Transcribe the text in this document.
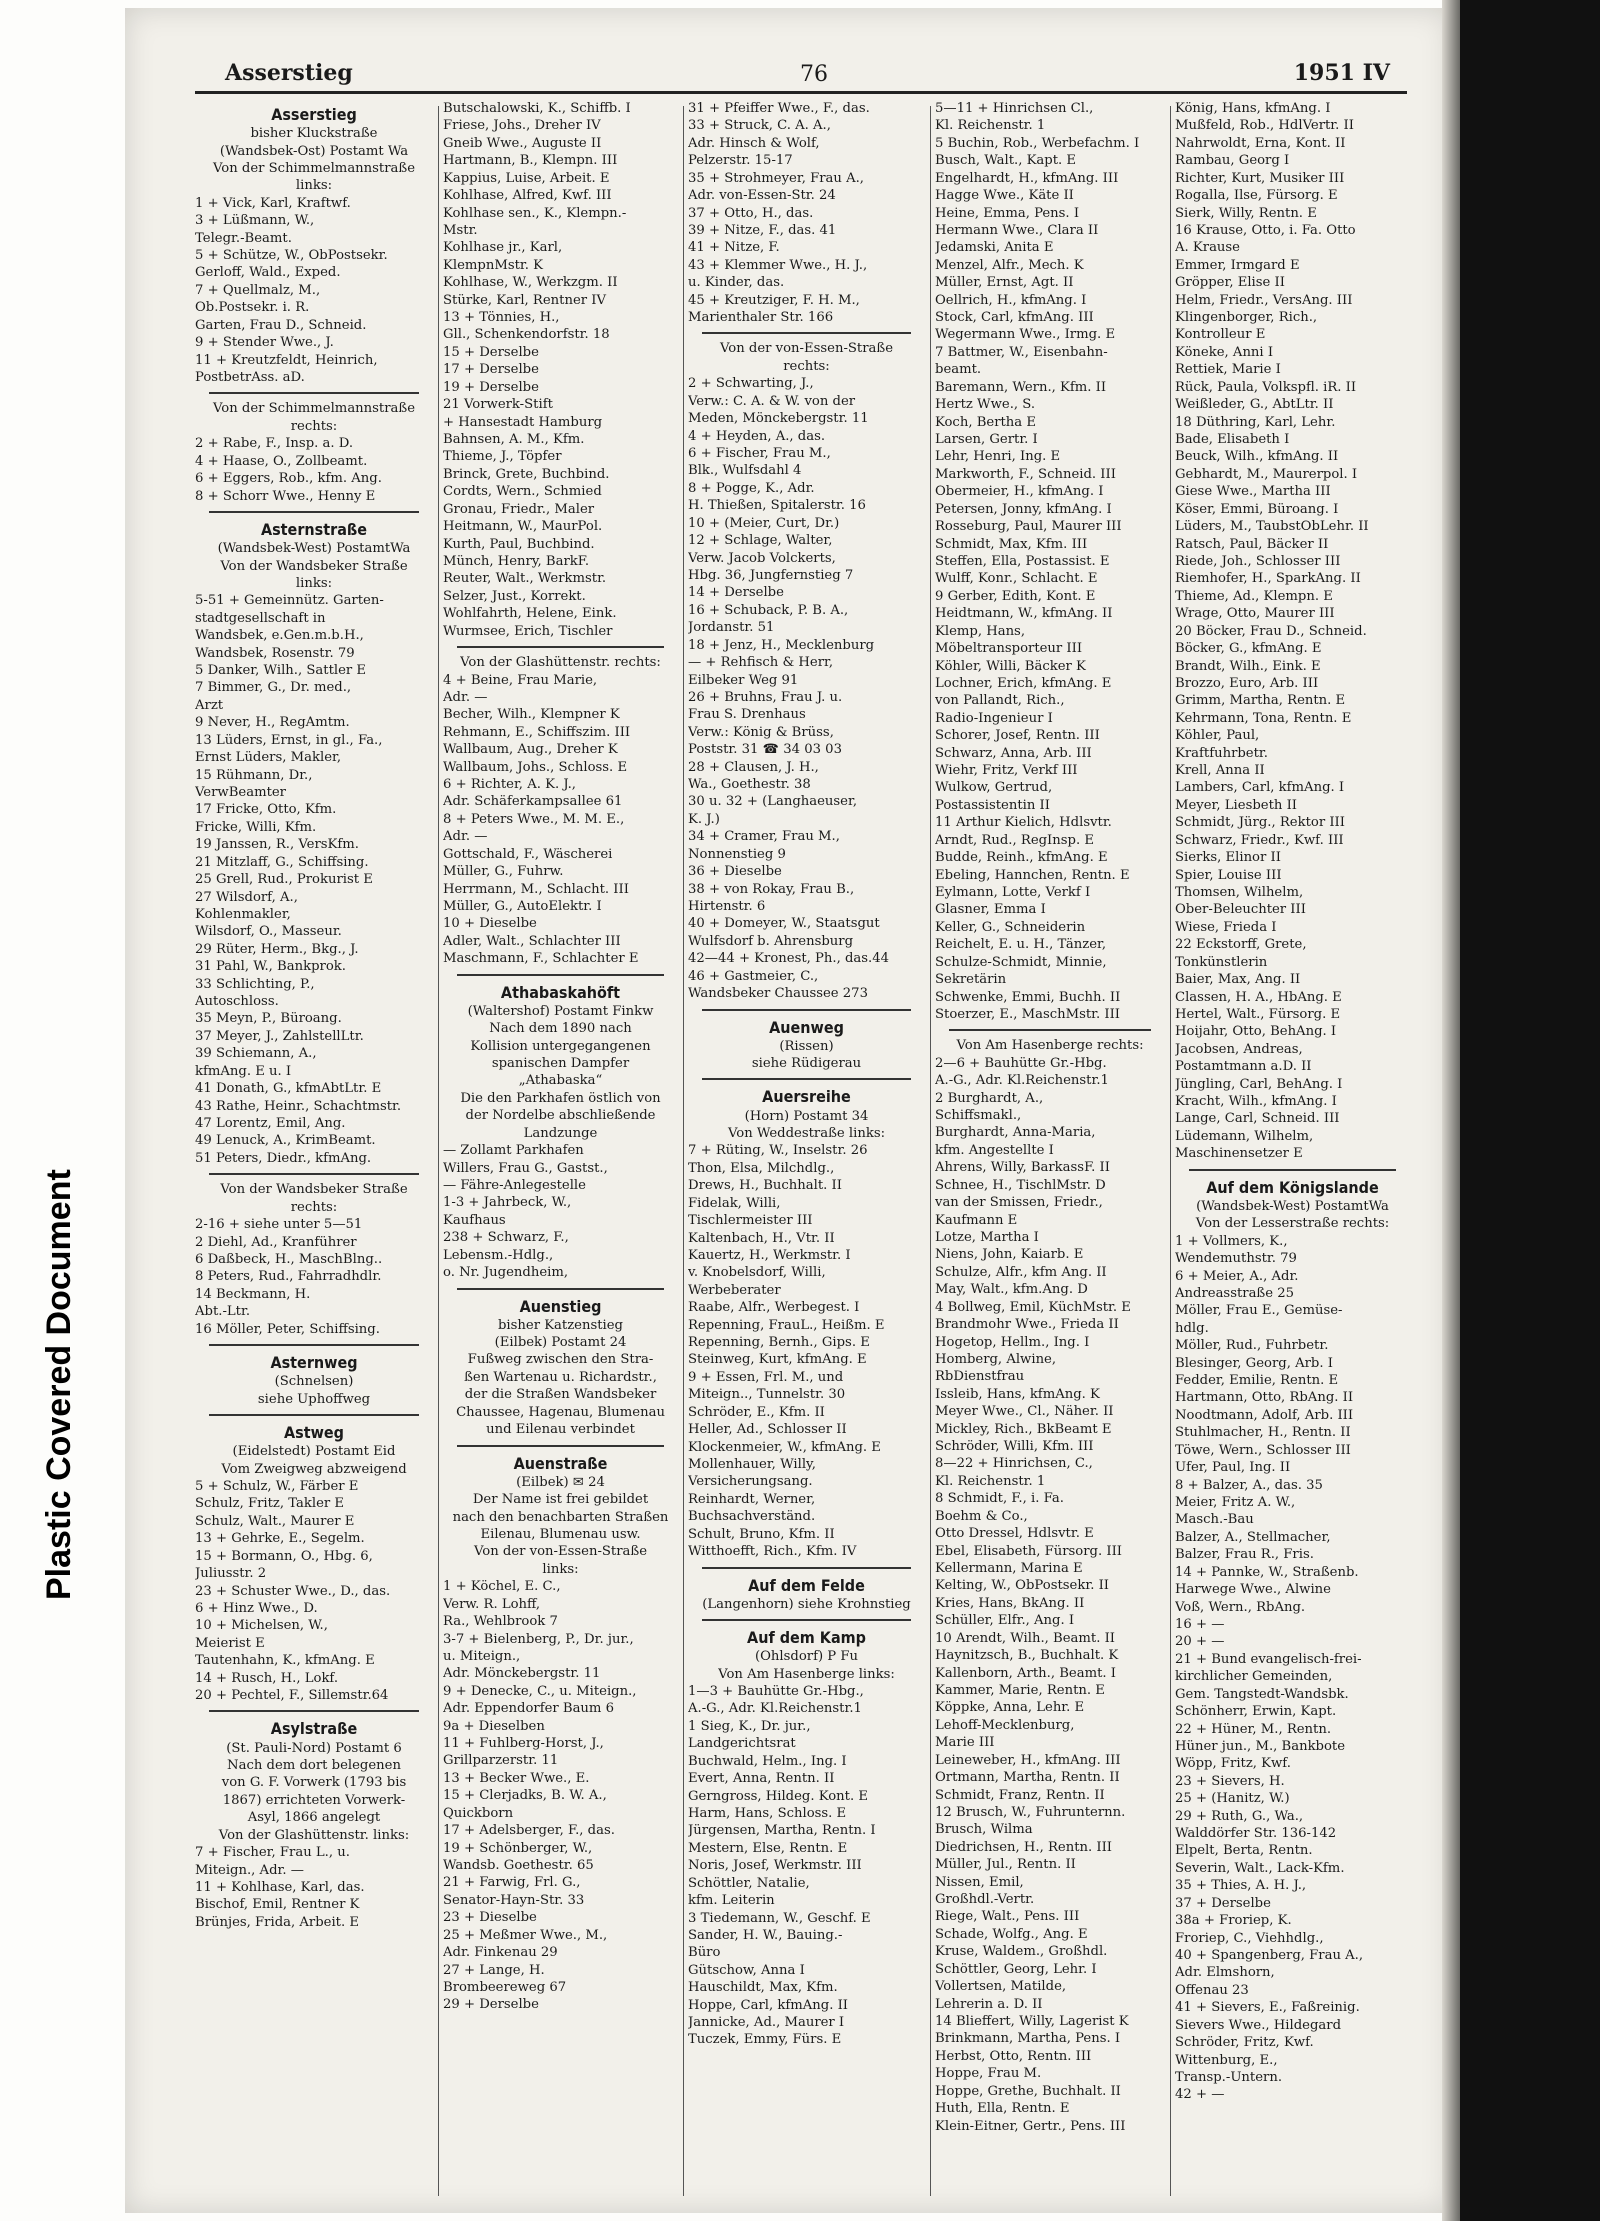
Plastic Covered Document
Asserstieg	76	1951 IV
Asserstieg
bisher Kluckstraße
(Wandsbek-Ost) Postamt Wa
Von der Schimmelmannstraße
links:
1 + Vick, Karl, Kraftwf.
3 + Lüßmann, W.,
Telegr.-Beamt.
5 + Schütze, W., ObPostsekr.
Gerloff, Wald., Exped.
7 + Quellmalz, M.,
Ob.Postsekr. i. R.
Garten, Frau D., Schneid.
9 + Stender Wwe., J.
11 + Kreutzfeldt, Heinrich,
PostbetrAss. aD.
Von der Schimmelmannstraße
rechts:
2 + Rabe, F., Insp. a. D.
4 + Haase, O., Zollbeamt.
6 + Eggers, Rob., kfm. Ang.
8 + Schorr Wwe., Henny E
Asternstraße
(Wandsbek-West) PostamtWa
Von der Wandsbeker Straße
links:
5-51 + Gemeinnütz. Garten-
stadtgesellschaft in
Wandsbek, e.Gen.m.b.H.,
Wandsbek, Rosenstr. 79
5 Danker, Wilh., Sattler E
7 Bimmer, G., Dr. med.,
Arzt
9 Never, H., RegAmtm.
13 Lüders, Ernst, in gl., Fa.,
Ernst Lüders, Makler,
15 Rühmann, Dr.,
VerwBeamter
17 Fricke, Otto, Kfm.
Fricke, Willi, Kfm.
19 Janssen, R., VersKfm.
21 Mitzlaff, G., Schiffsing.
25 Grell, Rud., Prokurist E
27 Wilsdorf, A.,
Kohlenmakler,
Wilsdorf, O., Masseur.
29 Rüter, Herm., Bkg., J.
31 Pahl, W., Bankprok.
33 Schlichting, P.,
Autoschloss.
35 Meyn, P., Büroang.
37 Meyer, J., ZahlstellLtr.
39 Schiemann, A.,
kfmAng. E u. I
41 Donath, G., kfmAbtLtr. E
43 Rathe, Heinr., Schachtmstr.
47 Lorentz, Emil, Ang.
49 Lenuck, A., KrimBeamt.
51 Peters, Diedr., kfmAng.
Von der Wandsbeker Straße
rechts:
2-16 + siehe unter 5—51
2 Diehl, Ad., Kranführer
6 Daßbeck, H., MaschBlng..
8 Peters, Rud., Fahrradhdlr.
14 Beckmann, H.
Abt.-Ltr.
16 Möller, Peter, Schiffsing.
Asternweg
(Schnelsen)
siehe Uphoffweg
Astweg
(Eidelstedt) Postamt Eid
Vom Zweigweg abzweigend
5 + Schulz, W., Färber E
Schulz, Fritz, Takler E
Schulz, Walt., Maurer E
13 + Gehrke, E., Segelm.
15 + Bormann, O., Hbg. 6,
Juliusstr. 2
23 + Schuster Wwe., D., das.
6 + Hinz Wwe., D.
10 + Michelsen, W.,
Meierist E
Tautenhahn, K., kfmAng. E
14 + Rusch, H., Lokf.
20 + Pechtel, F., Sillemstr.64
Asylstraße
(St. Pauli-Nord) Postamt 6
Nach dem dort belegenen
von G. F. Vorwerk (1793 bis
1867) errichteten Vorwerk-
Asyl, 1866 angelegt
Von der Glashüttenstr. links:
7 + Fischer, Frau L., u.
Miteign., Adr. —
11 + Kohlhase, Karl, das.
Bischof, Emil, Rentner K
Brünjes, Frida, Arbeit. E
Butschalowski, K., Schiffb. I
Friese, Johs., Dreher IV
Gneib Wwe., Auguste II
Hartmann, B., Klempn. III
Kappius, Luise, Arbeit. E
Kohlhase, Alfred, Kwf. III
Kohlhase sen., K., Klempn.-
Mstr.
Kohlhase jr., Karl,
KlempnMstr. K
Kohlhase, W., Werkzgm. II
Stürke, Karl, Rentner IV
13 + Tönnies, H.,
Gll., Schenkendorfstr. 18
15 + Derselbe
17 + Derselbe
19 + Derselbe
21 Vorwerk-Stift
+ Hansestadt Hamburg
Bahnsen, A. M., Kfm.
Thieme, J., Töpfer
Brinck, Grete, Buchbind.
Cordts, Wern., Schmied
Gronau, Friedr., Maler
Heitmann, W., MaurPol.
Kurth, Paul, Buchbind.
Münch, Henry, BarkF.
Reuter, Walt., Werkmstr.
Selzer, Just., Korrekt.
Wohlfahrth, Helene, Eink.
Wurmsee, Erich, Tischler
Von der Glashüttenstr. rechts:
4 + Beine, Frau Marie,
Adr. —
Becher, Wilh., Klempner K
Rehmann, E., Schiffszim. III
Wallbaum, Aug., Dreher K
Wallbaum, Johs., Schloss. E
6 + Richter, A. K. J.,
Adr. Schäferkampsallee 61
8 + Peters Wwe., M. M. E.,
Adr. —
Gottschald, F., Wäscherei
Müller, G., Fuhrw.
Herrmann, M., Schlacht. III
Müller, G., AutoElektr. I
10 + Dieselbe
Adler, Walt., Schlachter III
Maschmann, F., Schlachter E
Athabaskahöft
(Waltershof) Postamt Finkw
Nach dem 1890 nach
Kollision untergegangenen
spanischen Dampfer
„Athabaska“
Die den Parkhafen östlich von
der Nordelbe abschließende
Landzunge
— Zollamt Parkhafen
Willers, Frau G., Gastst.,
— Fähre-Anlegestelle
1-3 + Jahrbeck, W.,
Kaufhaus
238 + Schwarz, F.,
Lebensm.-Hdlg.,
o. Nr. Jugendheim,
Auenstieg
bisher Katzenstieg
(Eilbek) Postamt 24
Fußweg zwischen den Stra-
ßen Wartenau u. Richardstr.,
der die Straßen Wandsbeker
Chaussee, Hagenau, Blumenau
und Eilenau verbindet
Auenstraße
(Eilbek) ✉ 24
Der Name ist frei gebildet
nach den benachbarten Straßen
Eilenau, Blumenau usw.
Von der von-Essen-Straße
links:
1 + Köchel, E. C.,
Verw. R. Lohff,
Ra., Wehlbrook 7
3-7 + Bielenberg, P., Dr. jur.,
u. Miteign.,
Adr. Mönckebergstr. 11
9 + Denecke, C., u. Miteign.,
Adr. Eppendorfer Baum 6
9a + Dieselben
11 + Fuhlberg-Horst, J.,
Grillparzerstr. 11
13 + Becker Wwe., E.
15 + Clerjadks, B. W. A.,
Quickborn
17 + Adelsberger, F., das.
19 + Schönberger, W.,
Wandsb. Goethestr. 65
21 + Farwig, Frl. G.,
Senator-Hayn-Str. 33
23 + Dieselbe
25 + Meßmer Wwe., M.,
Adr. Finkenau 29
27 + Lange, H.
Brombeereweg 67
29 + Derselbe
31 + Pfeiffer Wwe., F., das.
33 + Struck, C. A. A.,
Adr. Hinsch & Wolf,
Pelzerstr. 15-17
35 + Strohmeyer, Frau A.,
Adr. von-Essen-Str. 24
37 + Otto, H., das.
39 + Nitze, F., das. 41
41 + Nitze, F.
43 + Klemmer Wwe., H. J.,
u. Kinder, das.
45 + Kreutziger, F. H. M.,
Marienthaler Str. 166
Von der von-Essen-Straße
rechts:
2 + Schwarting, J.,
Verw.: C. A. & W. von der
Meden, Mönckebergstr. 11
4 + Heyden, A., das.
6 + Fischer, Frau M.,
Blk., Wulfsdahl 4
8 + Pogge, K., Adr.
H. Thießen, Spitalerstr. 16
10 + (Meier, Curt, Dr.)
12 + Schlage, Walter,
Verw. Jacob Volckerts,
Hbg. 36, Jungfernstieg 7
14 + Derselbe
16 + Schuback, P. B. A.,
Jordanstr. 51
18 + Jenz, H., Mecklenburg
— + Rehfisch & Herr,
Eilbeker Weg 91
26 + Bruhns, Frau J. u.
Frau S. Drenhaus
Verw.: König & Brüss,
Poststr. 31 ☎ 34 03 03
28 + Clausen, J. H.,
Wa., Goethestr. 38
30 u. 32 + (Langhaeuser,
K. J.)
34 + Cramer, Frau M.,
Nonnenstieg 9
36 + Dieselbe
38 + von Rokay, Frau B.,
Hirtenstr. 6
40 + Domeyer, W., Staatsgut
Wulfsdorf b. Ahrensburg
42—44 + Kronest, Ph., das.44
46 + Gastmeier, C.,
Wandsbeker Chaussee 273
Auenweg
(Rissen)
siehe Rüdigerau
Auersreihe
(Horn) Postamt 34
Von Weddestraße links:
7 + Rüting, W., Inselstr. 26
Thon, Elsa, Milchdlg.,
Drews, H., Buchhalt. II
Fidelak, Willi,
Tischlermeister III
Kaltenbach, H., Vtr. II
Kauertz, H., Werkmstr. I
v. Knobelsdorf, Willi,
Werbeberater
Raabe, Alfr., Werbegest. I
Repenning, FrauL., Heißm. E
Repenning, Bernh., Gips. E
Steinweg, Kurt, kfmAng. E
9 + Essen, Frl. M., und
Miteign.., Tunnelstr. 30
Schröder, E., Kfm. II
Heller, Ad., Schlosser II
Klockenmeier, W., kfmAng. E
Mollenhauer, Willy,
Versicherungsang.
Reinhardt, Werner,
Buchsachverständ.
Schult, Bruno, Kfm. II
Witthoefft, Rich., Kfm. IV
Auf dem Felde
(Langenhorn) siehe Krohnstieg
Auf dem Kamp
(Ohlsdorf) P Fu
Von Am Hasenberge links:
1—3 + Bauhütte Gr.-Hbg.,
A.-G., Adr. Kl.Reichenstr.1
1 Sieg, K., Dr. jur.,
Landgerichtsrat
Buchwald, Helm., Ing. I
Evert, Anna, Rentn. II
Gerngross, Hildeg. Kont. E
Harm, Hans, Schloss. E
Jürgensen, Martha, Rentn. I
Mestern, Else, Rentn. E
Noris, Josef, Werkmstr. III
Schöttler, Natalie,
kfm. Leiterin
3 Tiedemann, W., Geschf. E
Sander, H. W., Bauing.-
Büro
Gütschow, Anna I
Hauschildt, Max, Kfm.
Hoppe, Carl, kfmAng. II
Jannicke, Ad., Maurer I
Tuczek, Emmy, Fürs. E
5—11 + Hinrichsen Cl.,
Kl. Reichenstr. 1
5 Buchin, Rob., Werbefachm. I
Busch, Walt., Kapt. E
Engelhardt, H., kfmAng. III
Hagge Wwe., Käte II
Heine, Emma, Pens. I
Hermann Wwe., Clara II
Jedamski, Anita E
Menzel, Alfr., Mech. K
Müller, Ernst, Agt. II
Oellrich, H., kfmAng. I
Stock, Carl, kfmAng. III
Wegermann Wwe., Irmg. E
7 Battmer, W., Eisenbahn-
beamt.
Baremann, Wern., Kfm. II
Hertz Wwe., S.
Koch, Bertha E
Larsen, Gertr. I
Lehr, Henri, Ing. E
Markworth, F., Schneid. III
Obermeier, H., kfmAng. I
Petersen, Jonny, kfmAng. I
Rosseburg, Paul, Maurer III
Schmidt, Max, Kfm. III
Steffen, Ella, Postassist. E
Wulff, Konr., Schlacht. E
9 Gerber, Edith, Kont. E
Heidtmann, W., kfmAng. II
Klemp, Hans,
Möbeltransporteur III
Köhler, Willi, Bäcker K
Lochner, Erich, kfmAng. E
von Pallandt, Rich.,
Radio-Ingenieur I
Schorer, Josef, Rentn. III
Schwarz, Anna, Arb. III
Wiehr, Fritz, Verkf III
Wulkow, Gertrud,
Postassistentin II
11 Arthur Kielich, Hdlsvtr.
Arndt, Rud., RegInsp. E
Budde, Reinh., kfmAng. E
Ebeling, Hannchen, Rentn. E
Eylmann, Lotte, Verkf I
Glasner, Emma I
Keller, G., Schneiderin
Reichelt, E. u. H., Tänzer,
Schulze-Schmidt, Minnie,
Sekretärin
Schwenke, Emmi, Buchh. II
Stoerzer, E., MaschMstr. III
Von Am Hasenberge rechts:
2—6 + Bauhütte Gr.-Hbg.
A.-G., Adr. Kl.Reichenstr.1
2 Burghardt, A.,
Schiffsmakl.,
Burghardt, Anna-Maria,
kfm. Angestellte I
Ahrens, Willy, BarkassF. II
Schnee, H., TischlMstr. D
van der Smissen, Friedr.,
Kaufmann E
Lotze, Martha I
Niens, John, Kaiarb. E
Schulze, Alfr., kfm Ang. II
May, Walt., kfm.Ang. D
4 Bollweg, Emil, KüchMstr. E
Brandmohr Wwe., Frieda II
Hogetop, Hellm., Ing. I
Homberg, Alwine,
RbDienstfrau
Issleib, Hans, kfmAng. K
Meyer Wwe., Cl., Näher. II
Mickley, Rich., BkBeamt E
Schröder, Willi, Kfm. III
8—22 + Hinrichsen, C.,
Kl. Reichenstr. 1
8 Schmidt, F., i. Fa.
Boehm & Co.,
Otto Dressel, Hdlsvtr. E
Ebel, Elisabeth, Fürsorg. III
Kellermann, Marina E
Kelting, W., ObPostsekr. II
Kries, Hans, BkAng. II
Schüller, Elfr., Ang. I
10 Arendt, Wilh., Beamt. II
Haynitzsch, B., Buchhalt. K
Kallenborn, Arth., Beamt. I
Kammer, Marie, Rentn. E
Köppke, Anna, Lehr. E
Lehoff-Mecklenburg,
Marie III
Leineweber, H., kfmAng. III
Ortmann, Martha, Rentn. II
Schmidt, Franz, Rentn. II
12 Brusch, W., Fuhrunternn.
Brusch, Wilma
Diedrichsen, H., Rentn. III
Müller, Jul., Rentn. II
Nissen, Emil,
Großhdl.-Vertr.
Riege, Walt., Pens. III
Schade, Wolfg., Ang. E
Kruse, Waldem., Großhdl.
Schöttler, Georg, Lehr. I
Vollertsen, Matilde,
Lehrerin a. D. II
14 Blieffert, Willy, Lagerist K
Brinkmann, Martha, Pens. I
Herbst, Otto, Rentn. III
Hoppe, Frau M.
Hoppe, Grethe, Buchhalt. II
Huth, Ella, Rentn. E
Klein-Eitner, Gertr., Pens. III
König, Hans, kfmAng. I
Mußfeld, Rob., HdlVertr. II
Nahrwoldt, Erna, Kont. II
Rambau, Georg I
Richter, Kurt, Musiker III
Rogalla, Ilse, Fürsorg. E
Sierk, Willy, Rentn. E
16 Krause, Otto, i. Fa. Otto
A. Krause
Emmer, Irmgard E
Gröpper, Elise II
Helm, Friedr., VersAng. III
Klingenborger, Rich.,
Kontrolleur E
Köneke, Anni I
Rettiek, Marie I
Rück, Paula, Volkspfl. iR. II
Weißleder, G., AbtLtr. II
18 Düthring, Karl, Lehr.
Bade, Elisabeth I
Beuck, Wilh., kfmAng. II
Gebhardt, M., Maurerpol. I
Giese Wwe., Martha III
Köser, Emmi, Büroang. I
Lüders, M., TaubstObLehr. II
Ratsch, Paul, Bäcker II
Riede, Joh., Schlosser III
Riemhofer, H., SparkAng. II
Thieme, Ad., Klempn. E
Wrage, Otto, Maurer III
20 Böcker, Frau D., Schneid.
Böcker, G., kfmAng. E
Brandt, Wilh., Eink. E
Brozzo, Euro, Arb. III
Grimm, Martha, Rentn. E
Kehrmann, Tona, Rentn. E
Köhler, Paul,
Kraftfuhrbetr.
Krell, Anna II
Lambers, Carl, kfmAng. I
Meyer, Liesbeth II
Schmidt, Jürg., Rektor III
Schwarz, Friedr., Kwf. III
Sierks, Elinor II
Spier, Louise III
Thomsen, Wilhelm,
Ober-Beleuchter III
Wiese, Frieda I
22 Eckstorff, Grete,
Tonkünstlerin
Baier, Max, Ang. II
Classen, H. A., HbAng. E
Hertel, Walt., Fürsorg. E
Hoijahr, Otto, BehAng. I
Jacobsen, Andreas,
Postamtmann a.D. II
Jüngling, Carl, BehAng. I
Kracht, Wilh., kfmAng. I
Lange, Carl, Schneid. III
Lüdemann, Wilhelm,
Maschinensetzer E
Auf dem Königslande
(Wandsbek-West) PostamtWa
Von der Lesserstraße rechts:
1 + Vollmers, K.,
Wendemuthstr. 79
6 + Meier, A., Adr.
Andreasstraße 25
Möller, Frau E., Gemüse-
hdlg.
Möller, Rud., Fuhrbetr.
Blesinger, Georg, Arb. I
Fedder, Emilie, Rentn. E
Hartmann, Otto, RbAng. II
Noodtmann, Adolf, Arb. III
Stuhlmacher, H., Rentn. II
Töwe, Wern., Schlosser III
Ufer, Paul, Ing. II
8 + Balzer, A., das. 35
Meier, Fritz A. W.,
Masch.-Bau
Balzer, A., Stellmacher,
Balzer, Frau R., Fris.
14 + Pannke, W., Straßenb.
Harwege Wwe., Alwine
Voß, Wern., RbAng.
16 + —
20 + —
21 + Bund evangelisch-frei-
kirchlicher Gemeinden,
Gem. Tangstedt-Wandsbk.
Schönherr, Erwin, Kapt.
22 + Hüner, M., Rentn.
Hüner jun., M., Bankbote
Wöpp, Fritz, Kwf.
23 + Sievers, H.
25 + (Hanitz, W.)
29 + Ruth, G., Wa.,
Walddörfer Str. 136-142
Elpelt, Berta, Rentn.
Severin, Walt., Lack-Kfm.
35 + Thies, A. H. J.,
37 + Derselbe
38a + Froriep, K.
Froriep, C., Viehhdlg.,
40 + Spangenberg, Frau A.,
Adr. Elmshorn,
Offenau 23
41 + Sievers, E., Faßreinig.
Sievers Wwe., Hildegard
Schröder, Fritz, Kwf.
Wittenburg, E.,
Transp.-Untern.
42 + —
